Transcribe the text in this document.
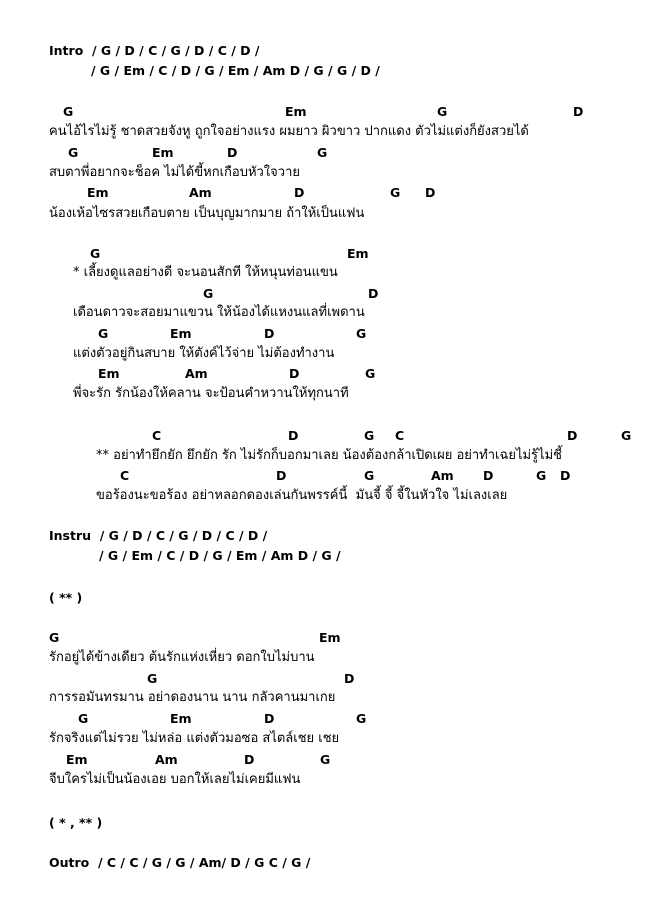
Intro  / G / D / C / G / D / C / D /
/ G / Em / C / D / G / Em / Am D / G / G / D /
G	Em	G	D
คนไอ้ไรไม่รู้ ชาดสวยจังหู ถูกใจอย่างแรง ผมยาว ผิวขาว ปากแดง ตัวไม่แต่งก็ยังสวยได้
G	Em	D	G
สบตาพี่อยากจะช็อค ไม่ได้ขี้หกเกือบหัวใจวาย
Em	Am	D	G D
น้องเห้อไซรสวยเกือบตาย เป็นบุญมากมาย ถ้าให้เป็นแฟน
G	Em
* เลี้ยงดูแลอย่างดี จะนอนสักที ให้หนุนท่อนแขน
G	D
เดือนดาวจะสอยมาแขวน ให้น้องได้แหงนแลที่เพดาน
G	Em	D	G
แต่งตัวอยู่กินสบาย ให้ตังค์ไว้จ่าย ไม่ต้องทำงาน
Em	Am	D	G
พี่จะรัก รักน้องให้คลาน จะป้อนคำหวานให้ทุกนาที
C	D	G C	D	G
** อย่าทำยึกยัก ยึกยัก รัก ไม่รักก็บอกมาเลย น้องต้องกล้าเปิดเผย อย่าทำเฉยไม่รู้ไม่ชี้
C	D	G	Am D	G D
ขอร้องนะขอร้อง อย่าหลอกดองเล่นกันพรรค์นี้  มันจี้ จี้ จี้ในหัวใจ ไม่เลงเลย
Instru  / G / D / C / G / D / C / D /
/ G / Em / C / D / G / Em / Am D / G /
( ** )
G	Em
รักอยู่ได้ข้างเดียว ต้นรักแห่งเหี่ยว ดอกใบไม่บาน
G	D
การรอมันทรมาน อย่าดองนาน นาน กลัวคานมาเกย
G	Em	D	G
รักจริงแต่ไม่รวย ไม่หล่อ แต่งตัวมอซอ สไตล์เชย เชย
Em	Am	D	G
จีบใครไม่เป็นน้องเอย บอกให้เลยไม่เคยมีแฟน
( * , ** )
Outro  / C / C / G / G / Am/ D / G C / G /
